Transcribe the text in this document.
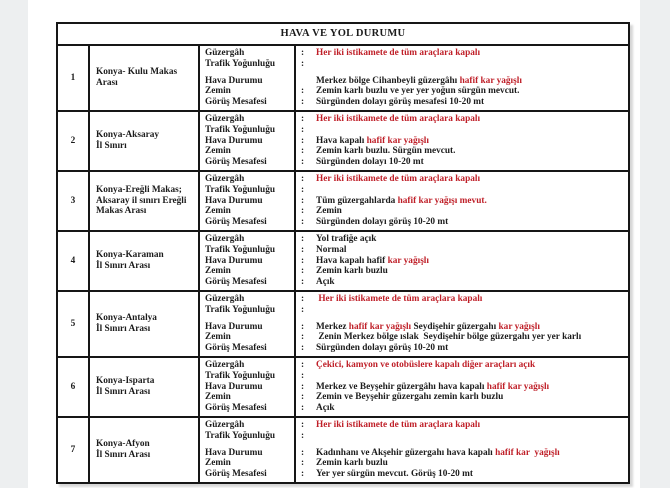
HAVA VE YOL DURUMU
1
Konya- Kulu Makas
Arası
Güzergâh
Trafik Yoğunluğu
Hava Durumu
Zemin
Görüş Mesafesi
: Her iki istikamete de tüm araçlara kapalı
:
Merkez bölge Cihanbeyli güzergâhı hafif kar yağışlı
: Zemin karlı buzlu ve yer yer yoğun sürgün mevcut.
: Sürgünden dolayı görüş mesafesi 10-20 mt
2
Konya-Aksaray
İl Sınırı
Güzergâh
Trafik Yoğunluğu
Hava Durumu
Zemin
Görüş Mesafesi
: Her iki istikamete de tüm araçlara kapalı
:
: Hava kapalı hafif kar yağışlı
: Zemin karlı buzlu. Sürgün mevcut.
: Sürgünden dolayı 10-20 mt
3
Konya-Ereğli Makas;
Aksaray il sınırı Ereğli
Makas Arası
Güzergâh
Trafik Yoğunluğu
Hava Durumu
Zemin
Görüş Mesafesi
: Her iki istikamete de tüm araçlara kapalı
:
: Tüm güzergahlarda hafif kar yağışı mevut.
: Zemin
: Sürgünden dolayı görüş 10-20 mt
4
Konya-Karaman
İl Sınırı Arası
Güzergâh
Trafik Yoğunluğu
Hava Durumu
Zemin
Görüş Mesafesi
: Yol trafiğe açık
: Normal
: Hava kapalı hafif kar yağışlı
: Zemin karlı buzlu
: Açık
5
Konya-Antalya
İl Sınırı Arası
Güzergâh
Trafik Yoğunluğu
Hava Durumu
Zemin
Görüş Mesafesi
: Her iki istikamete de tüm araçlara kapalı
:
: Merkez hafif kar yağışlı Seydişehir güzergahı kar yağışlı
: Zenin Merkez bölge ıslak  Seydişehir bölge güzergahı yer yer karlı
: Sürgünden dolayı görüş 10-20 mt
6
Konya-Isparta
İl Sınırı Arası
Güzergâh
Trafik Yoğunluğu
Hava Durumu
Zemin
Görüş Mesafesi
: Çekici, kamyon ve otobüslere kapalı diğer araçları açık
:
: Merkez ve Beyşehir güzergâhı hava kapalı hafif kar yağışlı
: Zemin ve Beyşehir güzergahı zemin karlı buzlu
: Açık
7
Konya-Afyon
İl Sınırı Arası
Güzergâh
Trafik Yoğunluğu
Hava Durumu
Zemin
Görüş Mesafesi
: Her iki istikamete de tüm araçlara kapalı
:
: Kadınhanı ve Akşehir güzergahı hava kapalı hafif kar  yağışlı
: Zemin karlı buzlu
: Yer yer sürgün mevcut. Görüş 10-20 mt
